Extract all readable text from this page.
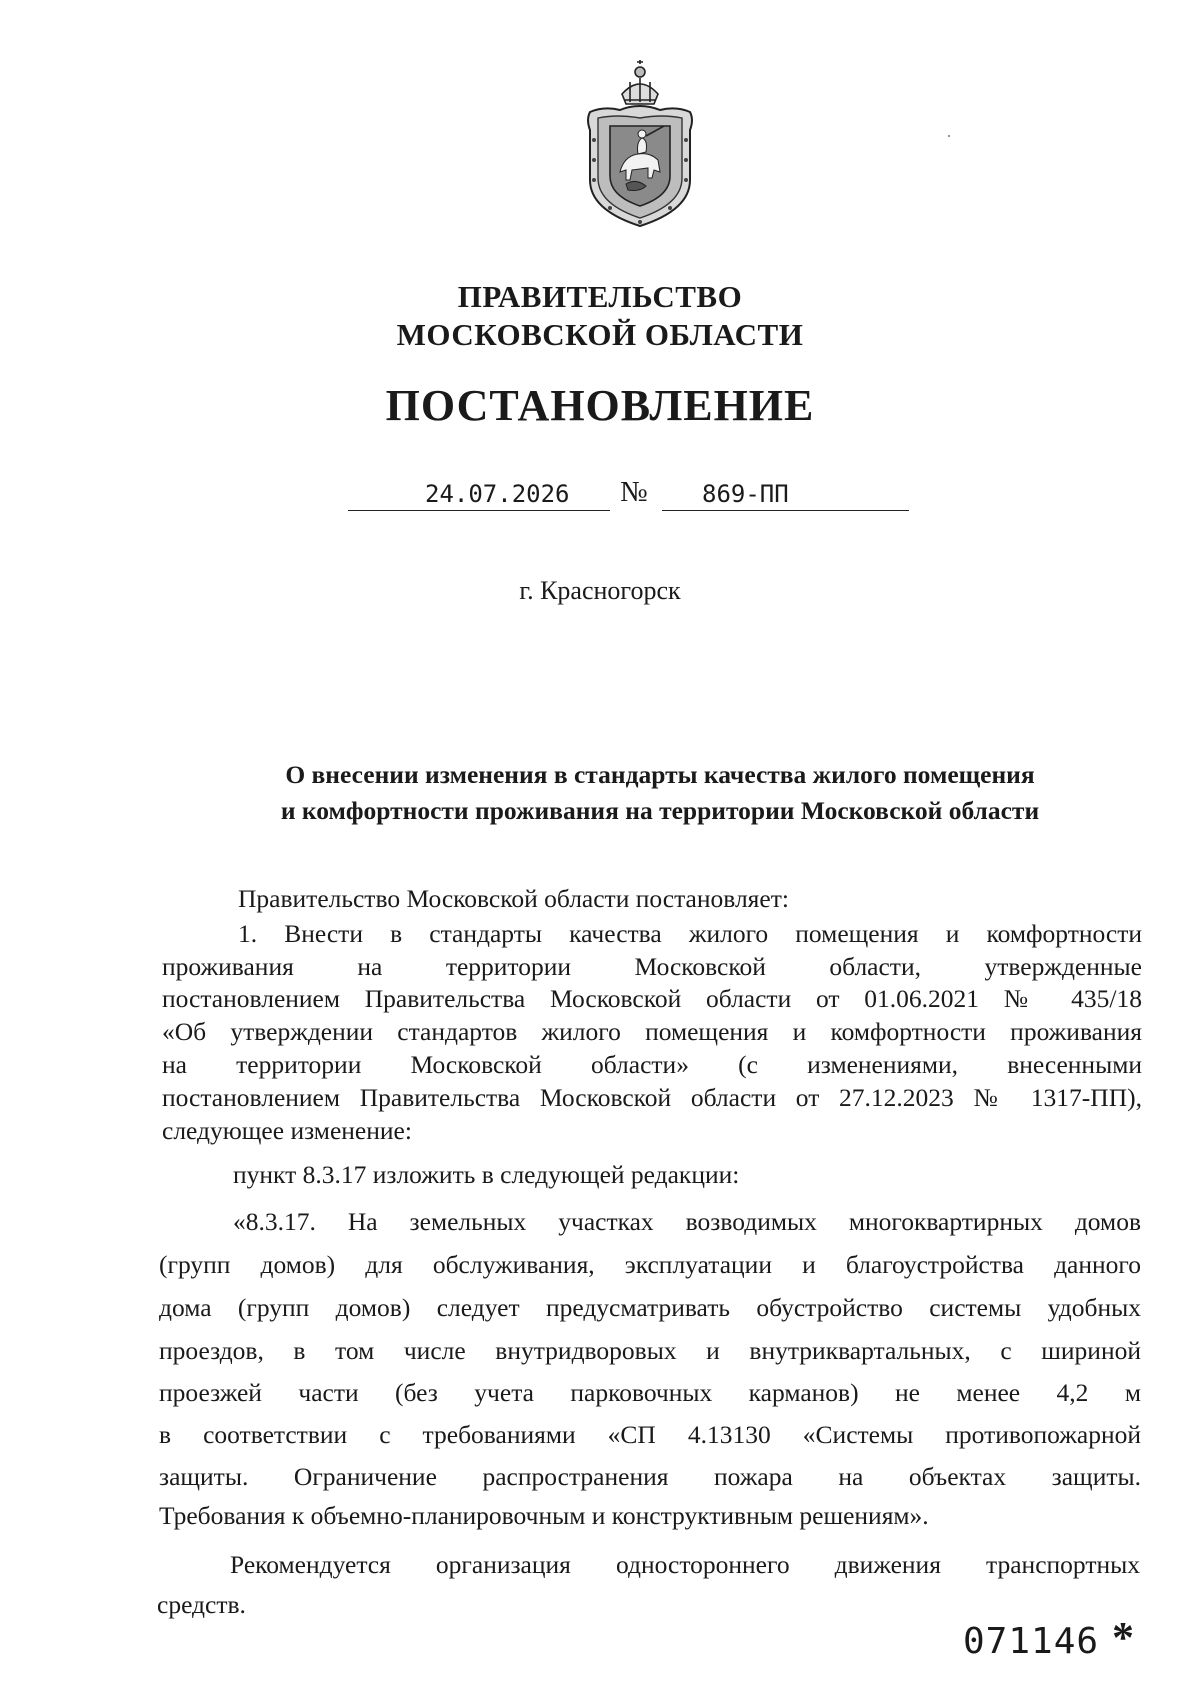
ПРАВИТЕЛЬСТВО
МОСКОВСКОЙ ОБЛАСТИ
ПОСТАНОВЛЕНИЕ
24.07.2026 № 869-ПП
г. Красногорск
О внесении изменения в стандарты качества жилого помещения
и комфортности проживания на территории Московской области
Правительство Московской области постановляет:
1. Внести в стандарты качества жилого помещения и комфортности
проживания на территории Московской области, утвержденные
постановлением Правительства Московской области от 01.06.2021 № 435/18
«Об утверждении стандартов жилого помещения и комфортности проживания
на территории Московской области» (с изменениями, внесенными
постановлением Правительства Московской области от 27.12.2023 № 1317-ПП),
следующее изменение:
пункт 8.3.17 изложить в следующей редакции:
«8.3.17. На земельных участках возводимых многоквартирных домов
(групп домов) для обслуживания, эксплуатации и благоустройства данного
дома (групп домов) следует предусматривать обустройство системы удобных
проездов, в том числе внутридворовых и внутриквартальных, с шириной
проезжей части (без учета парковочных карманов) не менее 4,2 м
в соответствии с требованиями «СП 4.13130 «Системы противопожарной
защиты. Ограничение распространения пожара на объектах защиты.
Требования к объемно-планировочным и конструктивным решениям».
Рекомендуется организация одностороннего движения транспортных
средств.
071146 *
